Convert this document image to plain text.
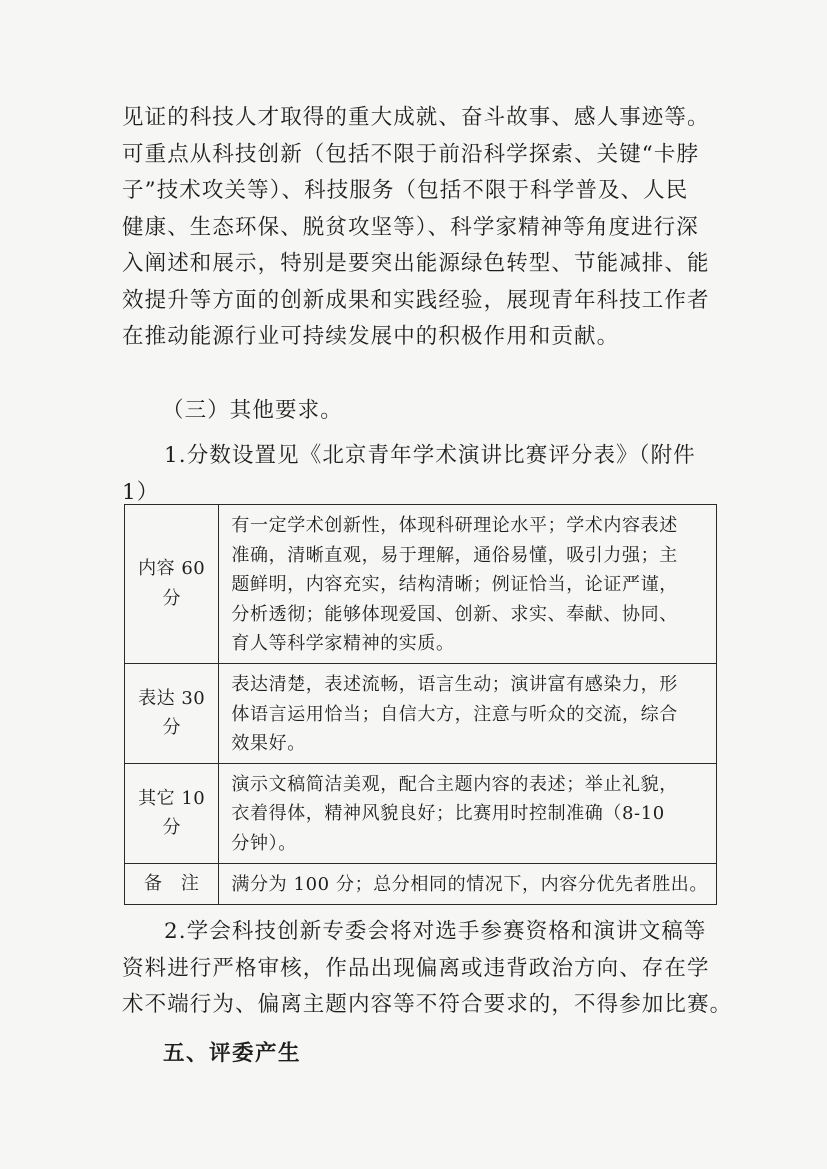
见证的科技人才取得的重大成就、奋斗故事、感人事迹等。
可重点从科技创新（包括不限于前沿科学探索、关键“卡脖
子”技术攻关等）、科技服务（包括不限于科学普及、人民
健康、生态环保、脱贫攻坚等）、科学家精神等角度进行深
入阐述和展示，特别是要突出能源绿色转型、节能减排、能
效提升等方面的创新成果和实践经验，展现青年科技工作者
在推动能源行业可持续发展中的积极作用和贡献。
（三）其他要求。
1.分数设置见《北京青年学术演讲比赛评分表》（附件
1）
内容 60 分	有一定学术创新性，体现科研理论水平；学术内容表述
准确，清晰直观，易于理解，通俗易懂，吸引力强；主
题鲜明，内容充实，结构清晰；例证恰当，论证严谨，
分析透彻；能够体现爱国、创新、求实、奉献、协同、
育人等科学家精神的实质。

表达 30 分	表达清楚，表述流畅，语言生动；演讲富有感染力，形
体语言运用恰当；自信大方，注意与听众的交流，综合
效果好。

其它 10 分	演示文稿简洁美观，配合主题内容的表述；举止礼貌，
衣着得体，精神风貌良好；比赛用时控制准确（8-10
分钟）。

备　注	满分为 100 分；总分相同的情况下，内容分优先者胜出。
2.学会科技创新专委会将对选手参赛资格和演讲文稿等
资料进行严格审核，作品出现偏离或违背政治方向、存在学
术不端行为、偏离主题内容等不符合要求的，不得参加比赛。
五、评委产生
